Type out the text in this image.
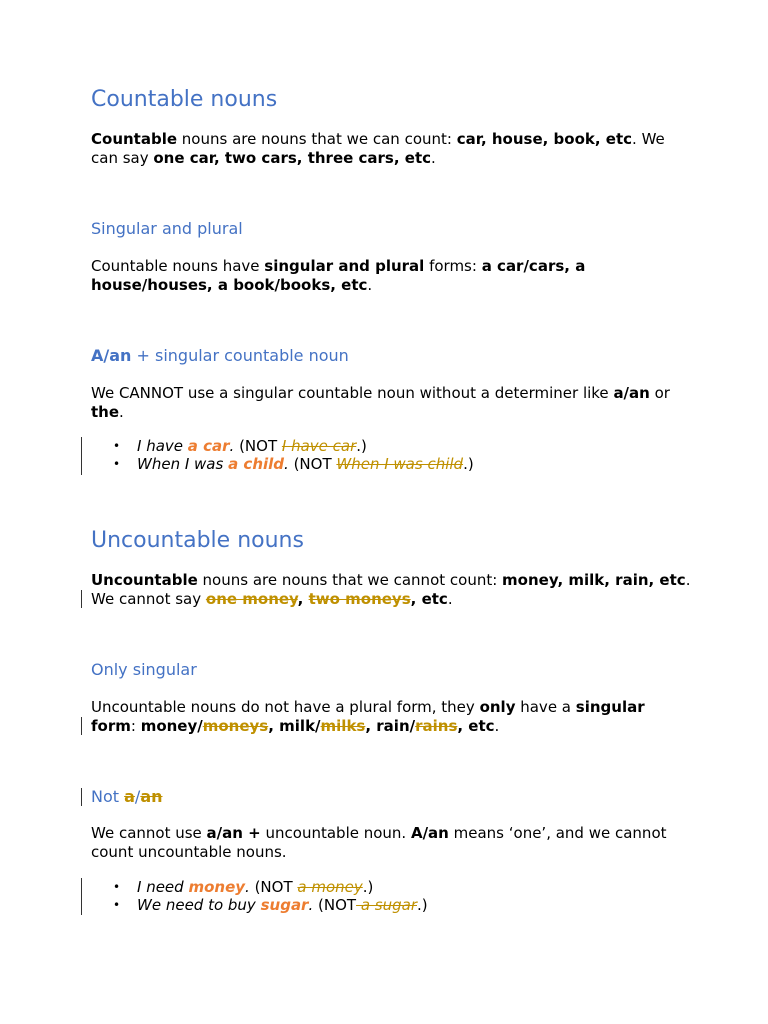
Countable nouns

Countable nouns are nouns that we can count: car, house, book, etc. We can say one car, two cars, three cars, etc.

Singular and plural

Countable nouns have singular and plural forms: a car/cars, a house/houses, a book/books, etc.

A/an + singular countable noun

We CANNOT use a singular countable noun without a determiner like a/an or the.

• I have a car. (NOT I have car.)
• When I was a child. (NOT When I was child.)
Uncountable nouns

Uncountable nouns are nouns that we cannot count: money, milk, rain, etc. We cannot say one money, two moneys, etc.

Only singular

Uncountable nouns do not have a plural form, they only have a singular form: money/moneys, milk/milks, rain/rains, etc.

Not a/an

We cannot use a/an + uncountable noun. A/an means ‘one’, and we cannot count uncountable nouns.

• I need money. (NOT a money.)
• We need to buy sugar. (NOT a sugar.)
